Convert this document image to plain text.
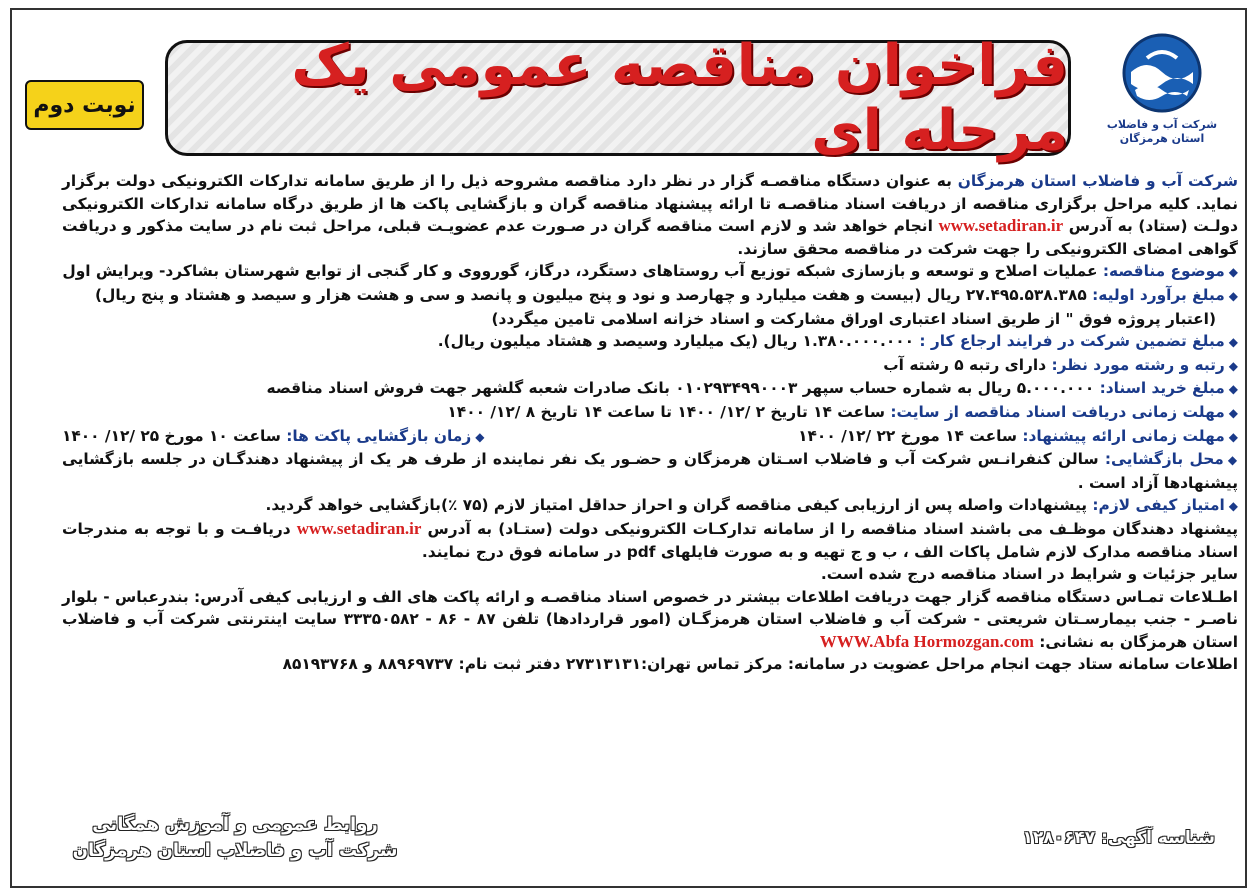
شرکت آب و فاضلاب
استان هرمزگان
فراخوان مناقصه عمومی یک مرحله ای
نوبت دوم

شرکت آب و فاضلاب استان هرمزگان به عنوان دستگاه مناقصـه گزار در نظر دارد مناقصه مشروحه ذیل را از طریق سامانه تدارکات الکترونیکی دولت برگزار نماید. کلیه مراحل برگزاری مناقصه از دریافت اسناد مناقصـه تا ارائه پیشنهاد مناقصه گران و بازگشایی پاکت ها از طریق درگاه سامانه تدارکات الکترونیکی دولـت (ستاد) به آدرس www.setadiran.ir انجام خواهد شد و لازم است مناقصه گران در صـورت عدم عضویـت قبلی، مراحل ثبت نام در سایت مذکور و دریافت گواهی امضای الکترونیکی را جهت شرکت در مناقصه محقق سازند.

◆موضوع مناقصه: عملیات اصلاح و توسعه و بازسازی شبکه توزیع آب روستاهای دستگرد، درگاز، گورووی و کار گنجی از توابع شهرستان بشاکرد- ویرایش اول
◆مبلغ برآورد اولیه: ۲۷.۴۹۵.۵۳۸.۳۸۵ ریال (بیست و هفت میلیارد و چهارصد و نود و پنج میلیون و پانصد و سی و هشت هزار و سیصد و هشتاد و پنج ریال)
(اعتبار پروژه فوق " از طریق اسناد اعتباری اوراق مشارکت و اسناد خزانه اسلامی تامین میگردد)
◆مبلغ تضمین شرکت در فرایند ارجاع کار : ۱.۳۸۰.۰۰۰.۰۰۰ ریال (یک میلیارد وسیصد و هشتاد میلیون ریال).
◆رتبه و رشته مورد نظر: دارای رتبه ۵ رشته آب
◆مبلغ خرید اسناد: ۵.۰۰۰.۰۰۰ ریال به شماره حساب سپهر ۰۱۰۲۹۳۴۹۹۰۰۰۳ بانک صادرات شعبه گلشهر جهت فروش اسناد مناقصه
◆مهلت زمانی دریافت اسناد مناقصه از سایت: ساعت ۱۴ تاریخ ۲ /۱۲/ ۱۴۰۰ تا ساعت ۱۴ تاریخ ۸ /۱۲/ ۱۴۰۰
◆مهلت زمانی ارائه پیشنهاد: ساعت ۱۴ مورخ ۲۲ /۱۲/ ۱۴۰۰
◆زمان بازگشایی پاکت ها: ساعت ۱۰ مورخ ۲۵ /۱۲/ ۱۴۰۰
◆محل بازگشایی: سالن کنفرانـس شرکت آب و فاضلاب اسـتان هرمزگان و حضـور یک نفر نماینده از طرف هر یک از پیشنهاد دهندگـان در جلسه بازگشایی پیشنهادها آزاد است .
◆امتیاز کیفی لازم: پیشنهادات واصله پس از ارزیابی کیفی مناقصه گران و احراز حداقل امتیاز لازم (۷۵ ٪)بازگشایی خواهد گردید.

پیشنهاد دهندگان موظـف می باشند اسناد مناقصه را از سامانه تدارکـات الکترونیکی دولت (ستـاد) به آدرس www.setadiran.ir دریافـت و با توجه به مندرجات اسناد مناقصه مدارک لازم شامل پاکات الف ، ب و ج تهیه و به صورت فایلهای pdf در سامانه فوق درج نمایند.

سایر جزئیات و شرایط در اسناد مناقصه درج شده است.

اطـلاعات تمـاس دستگاه مناقصه گزار جهت دریافت اطلاعات بیشتر در خصوص اسناد مناقصـه و ارائه پاکت های الف و ارزیابی کیفی آدرس: بندرعباس - بلوار ناصـر - جنب بیمارسـتان شریعتی - شرکت آب و فاضلاب استان هرمزگـان (امور قراردادها) تلفن ۸۷ - ۸۶ - ۳۳۳۵۰۵۸۲ سایت اینترنتی شرکت آب و فاضلاب استان هرمزگان به نشانی: WWW.Abfa Hormozgan.com

اطلاعات سامانه ستاد جهت انجام مراحل عضویت در سامانه: مرکز تماس تهران:۲۷۳۱۳۱۳۱ دفتر ثبت نام: ۸۸۹۶۹۷۳۷ و ۸۵۱۹۳۷۶۸

روابط عمومی و آموزش همگانی
شرکت آب و فاضلاب استان هرمزگان
شناسه آگهی: ۱۲۸۰۶۴۷
